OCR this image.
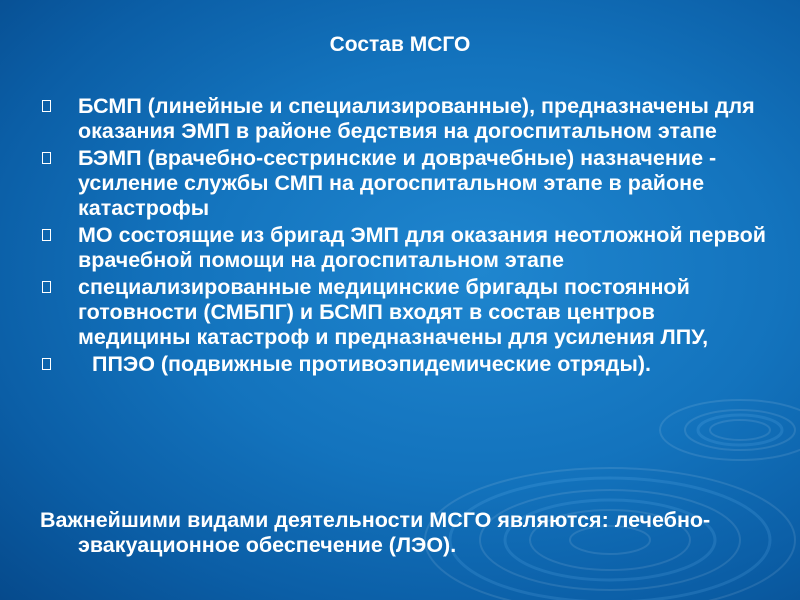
Состав МСГО
БСМП (линейные и специализированные), предназначены для оказания ЭМП в районе бедствия на догоспитальном этапе
БЭМП (врачебно-сестринские и доврачебные) назначение - усиление службы СМП на догоспитальном этапе в районе катастрофы
МО состоящие из бригад ЭМП для оказания неотложной первой врачебной помощи на догоспитальном этапе
специализированные медицинские бригады постоянной готовности (СМБПГ) и БСМП входят в состав центров медицины катастроф и предназначены для усиления ЛПУ,
ППЭО (подвижные противоэпидемические отряды).
Важнейшими видами деятельности МСГО являются: лечебно-эвакуационное обеспечение (ЛЭО).
